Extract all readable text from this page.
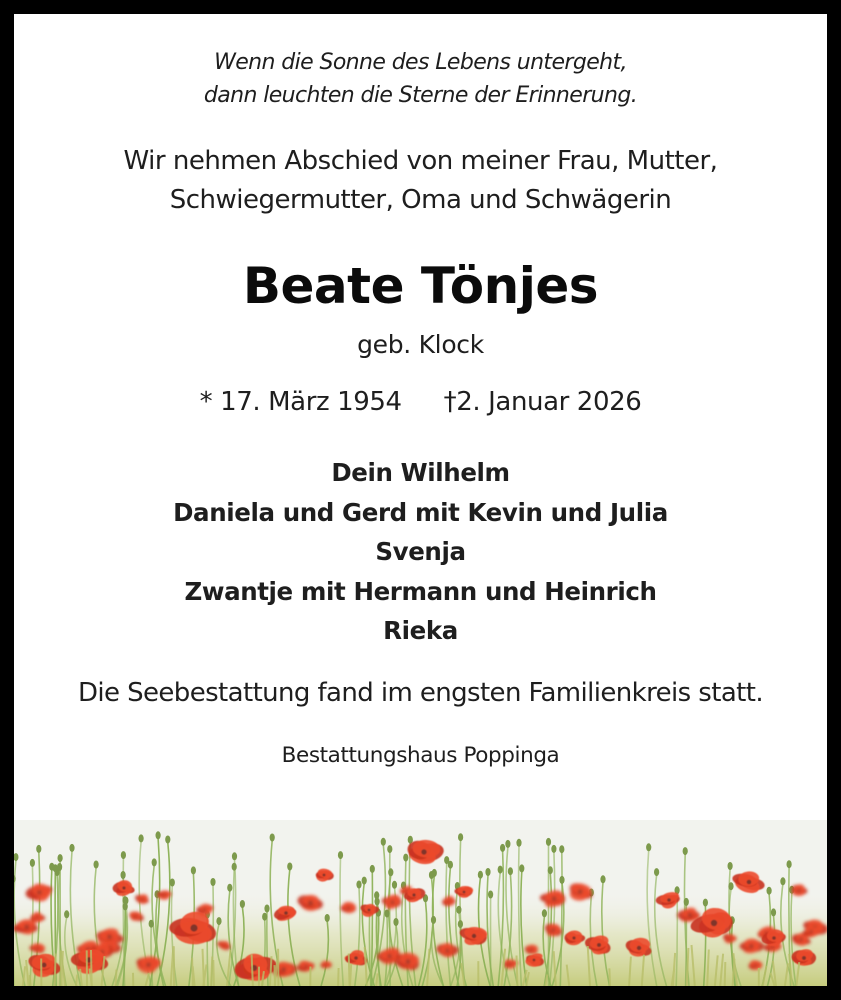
Wenn die Sonne des Lebens untergeht,
dann leuchten die Sterne der Erinnerung.
Wir nehmen Abschied von meiner Frau, Mutter,
Schwiegermutter, Oma und Schwägerin
Beate Tönjes
geb. Klock
* 17. März 1954 †2. Januar 2026
Dein Wilhelm
Daniela und Gerd mit Kevin und Julia
Svenja
Zwantje mit Hermann und Heinrich
Rieka
Die Seebestattung fand im engsten Familienkreis statt.
Bestattungshaus Poppinga
